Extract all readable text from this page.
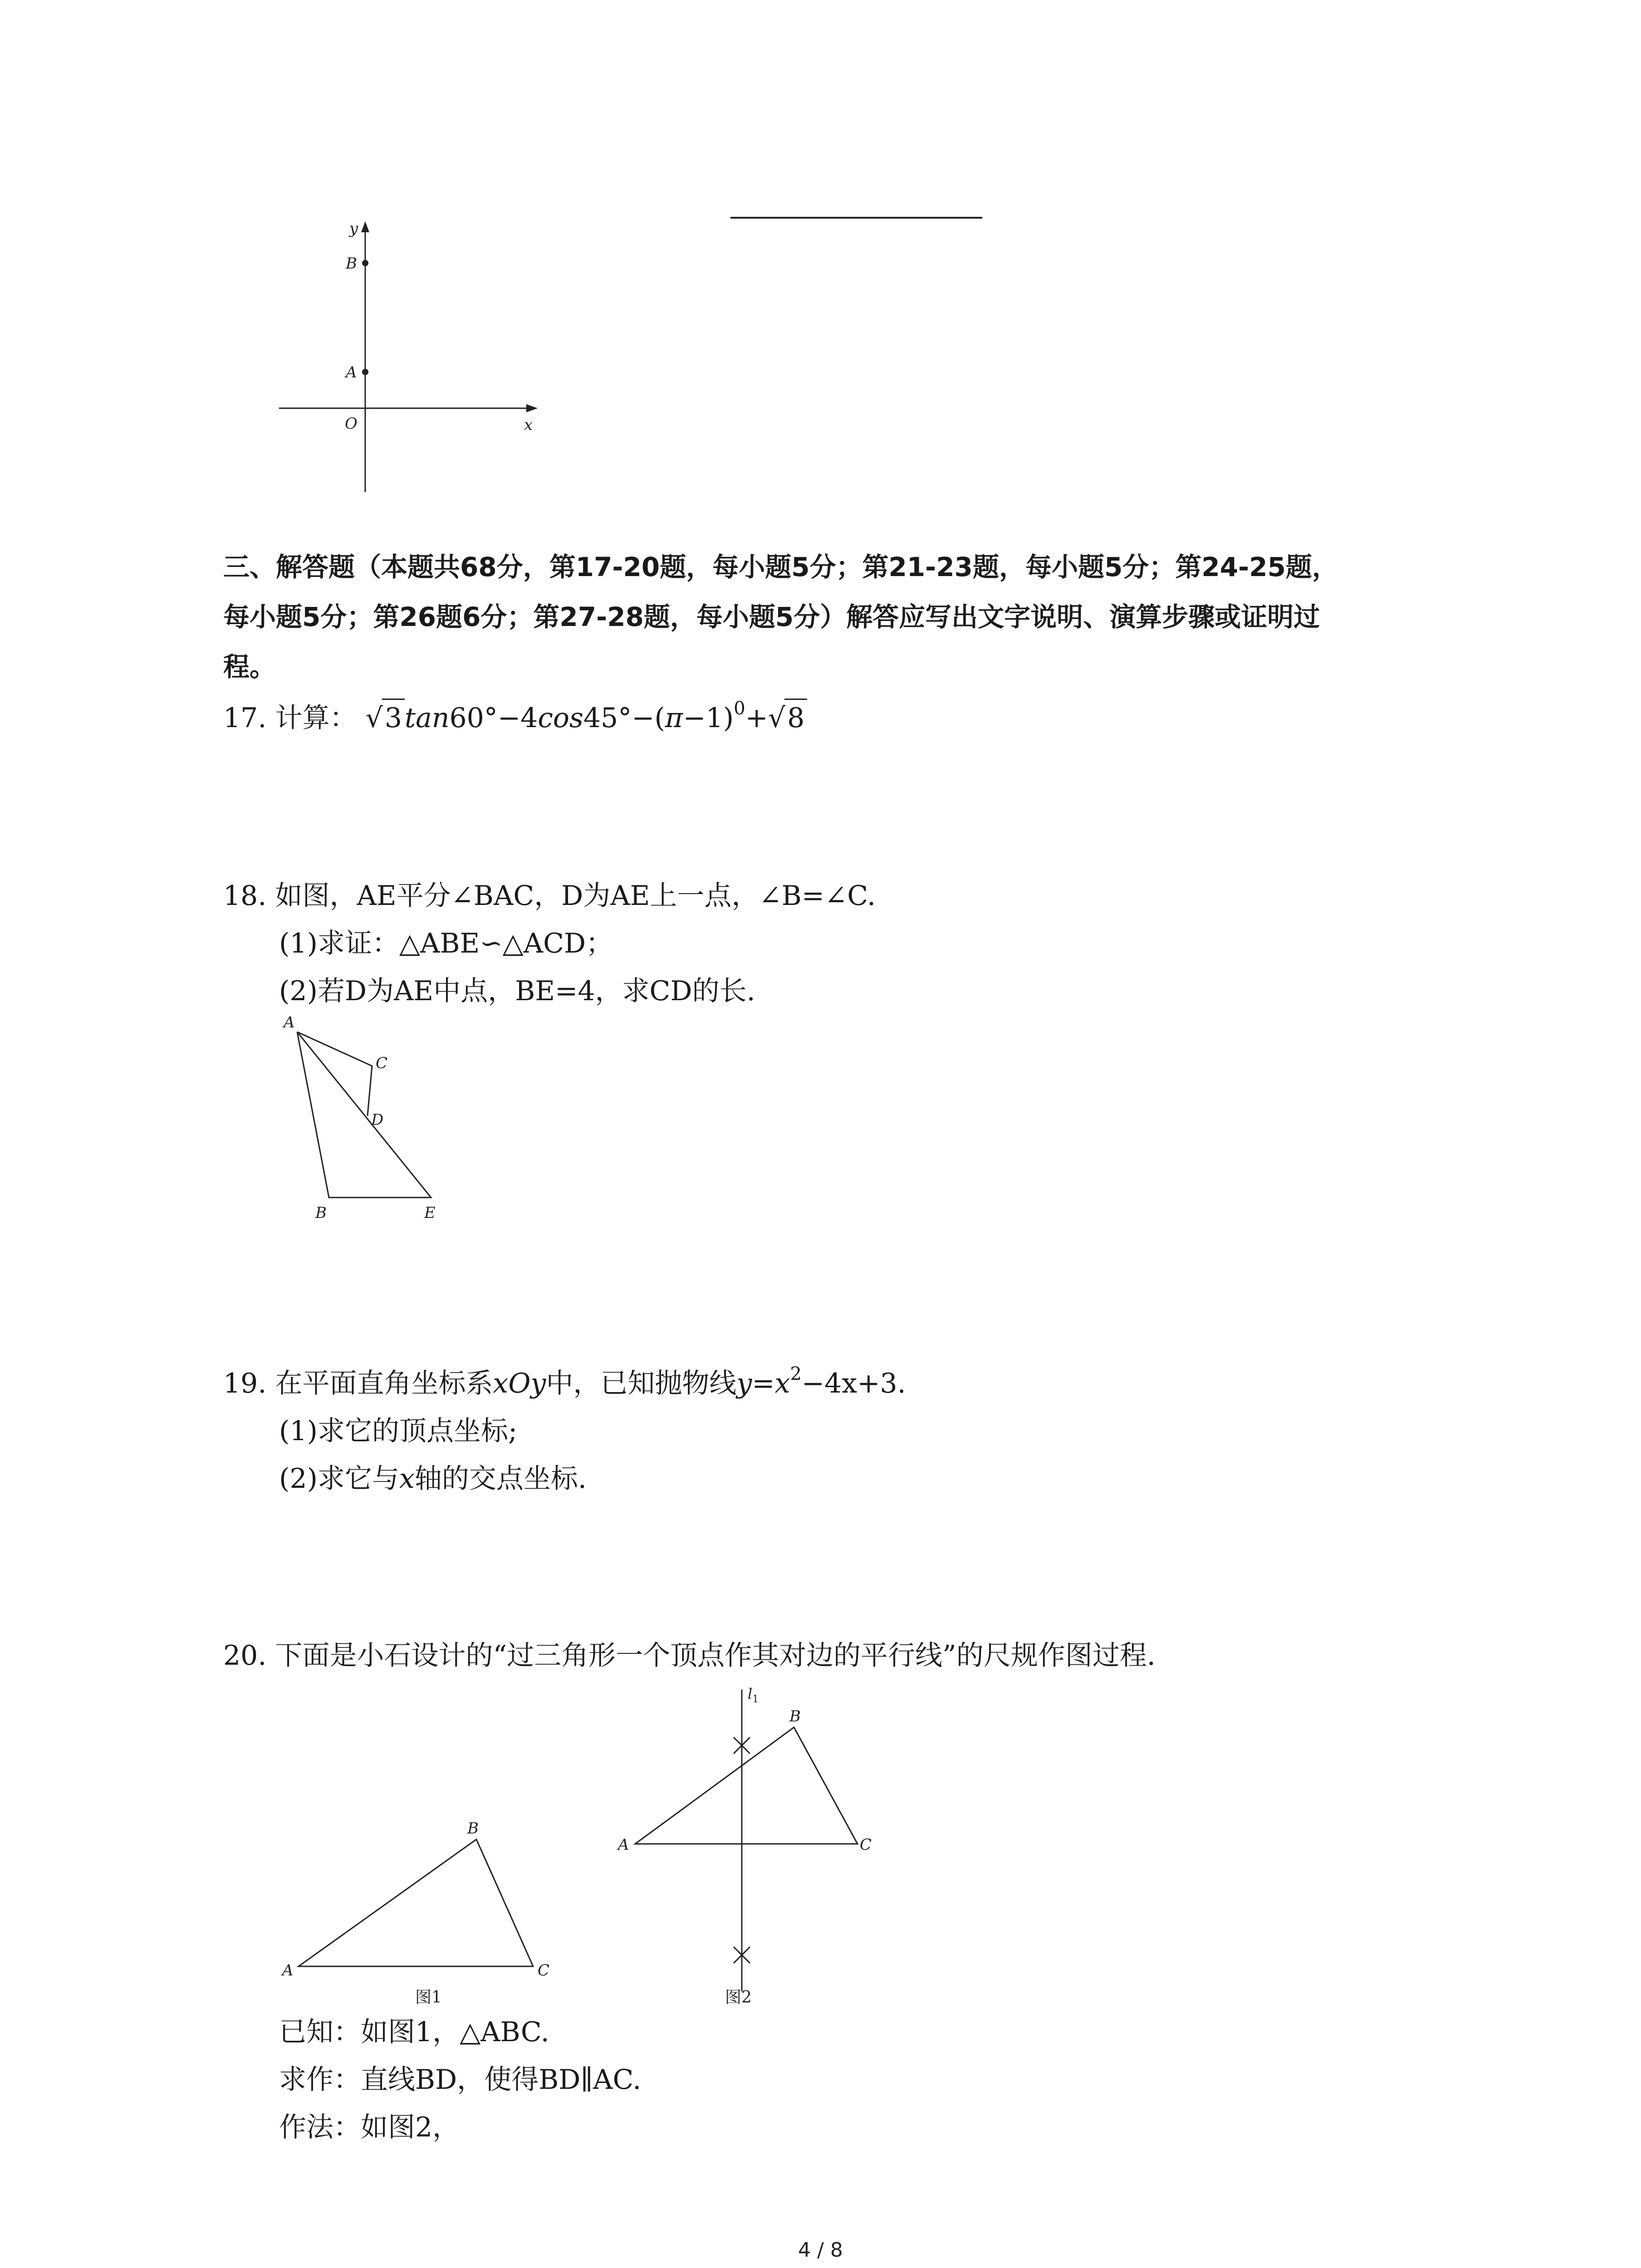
y
B
A
O	x
三、解答题（本题共68分，第17-20题，每小题5分；第21-23题，每小题5分；第24-25题，
每小题5分；第26题6分；第27-28题，每小题5分）解答应写出文字说明、演算步骤或证明过
程。
17. 计算： √3 $\tan 60^\circ-4\cos 45^\circ-(\pi-1)^0+√8$
18. 如图，AE平分∠BAC，D为AE上一点，∠B=∠C.
(1)求证：△ABE∽△ACD；
(2)若D为AE中点，BE=4，求CD的长.
A
C
D
B	E
19. 在平面直角坐标系xOy中，已知抛物线$y=x^2-4x+3$.
(1)求它的顶点坐标;
(2)求它与x轴的交点坐标.
20. 下面是小石设计的“过三角形一个顶点作其对边的平行线”的尺规作图过程.
A
B
C
图1
$l_1$
B
A	C
图2
已知：如图1，△ABC.
求作：直线BD，使得BD∥AC.
作法：如图2，
4 / 8
